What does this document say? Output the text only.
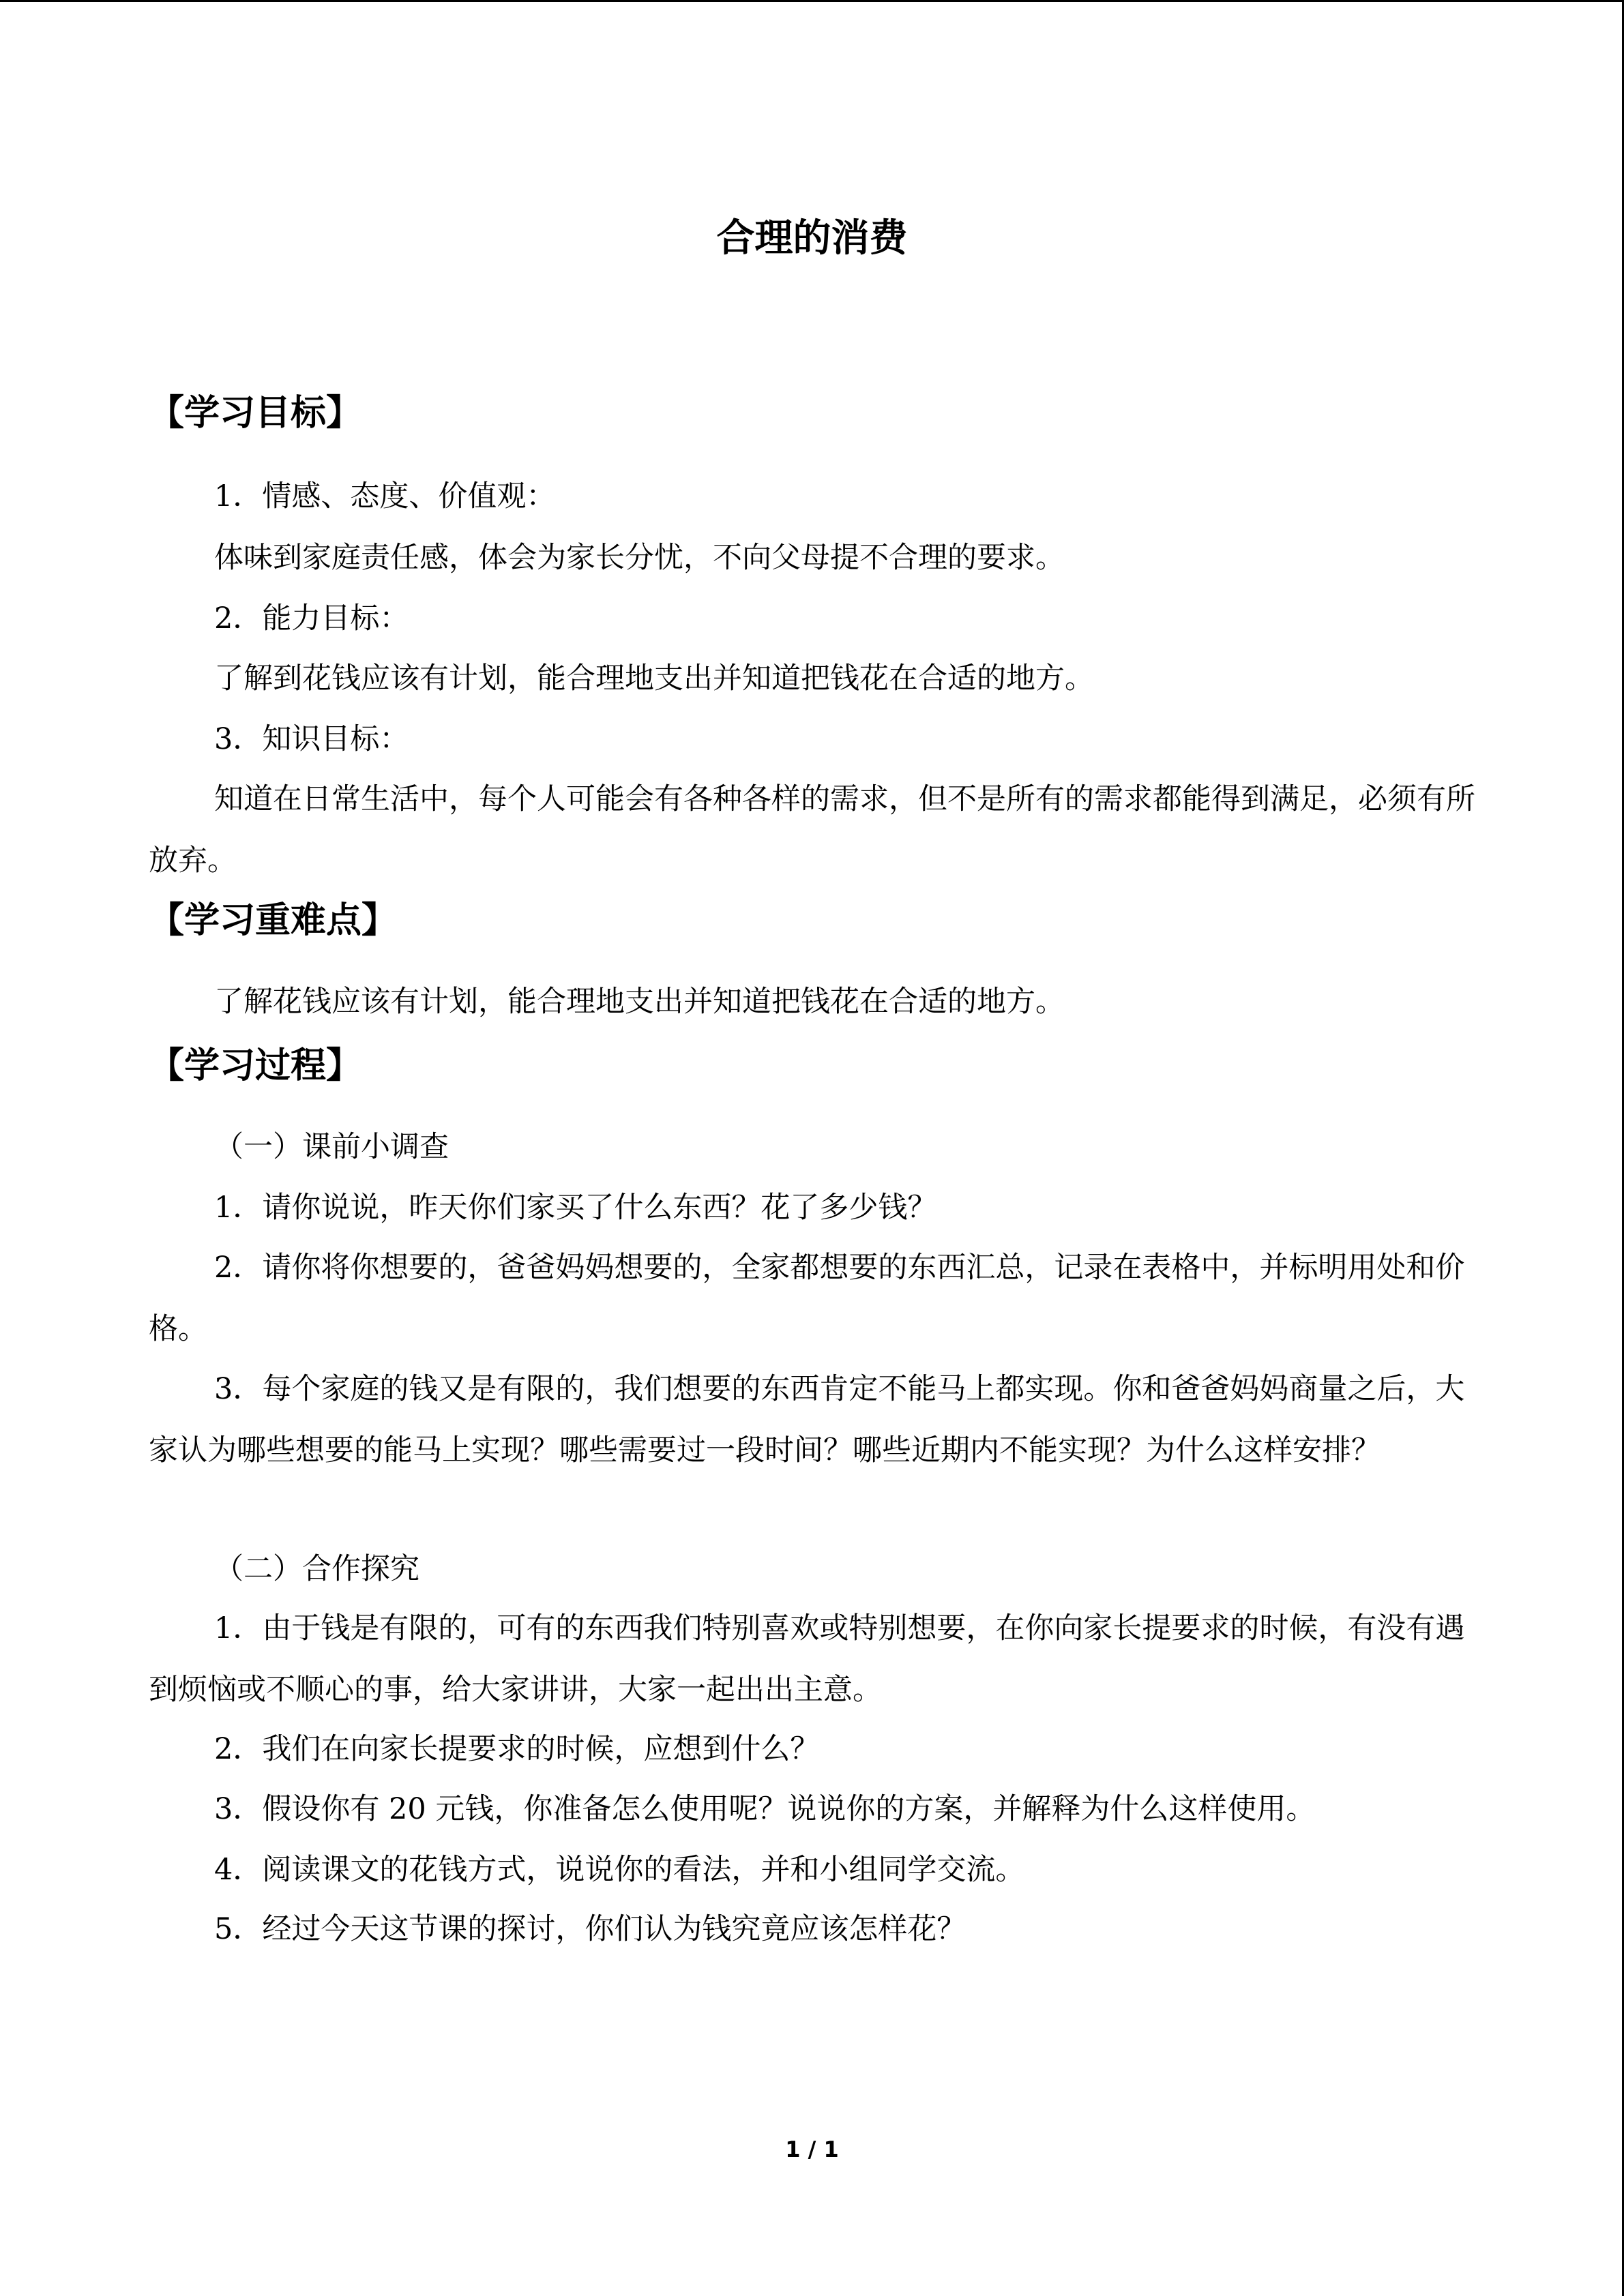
合理的消费
【学习目标】
1．情感、态度、价值观：
体味到家庭责任感，体会为家长分忧，不向父母提不合理的要求。
2．能力目标：
了解到花钱应该有计划，能合理地支出并知道把钱花在合适的地方。
3．知识目标：
知道在日常生活中，每个人可能会有各种各样的需求，但不是所有的需求都能得到满足，必须有所放弃。
【学习重难点】
了解花钱应该有计划，能合理地支出并知道把钱花在合适的地方。
【学习过程】
（一）课前小调查
1．请你说说，昨天你们家买了什么东西？花了多少钱？
2．请你将你想要的，爸爸妈妈想要的，全家都想要的东西汇总，记录在表格中，并标明用处和价格。
3．每个家庭的钱又是有限的，我们想要的东西肯定不能马上都实现。你和爸爸妈妈商量之后，大家认为哪些想要的能马上实现？哪些需要过一段时间？哪些近期内不能实现？为什么这样安排？
（二）合作探究
1．由于钱是有限的，可有的东西我们特别喜欢或特别想要，在你向家长提要求的时候，有没有遇到烦恼或不顺心的事，给大家讲讲，大家一起出出主意。
2．我们在向家长提要求的时候，应想到什么？
3．假设你有 20 元钱，你准备怎么使用呢？说说你的方案，并解释为什么这样使用。
4．阅读课文的花钱方式，说说你的看法，并和小组同学交流。
5．经过今天这节课的探讨，你们认为钱究竟应该怎样花？
1 / 1
